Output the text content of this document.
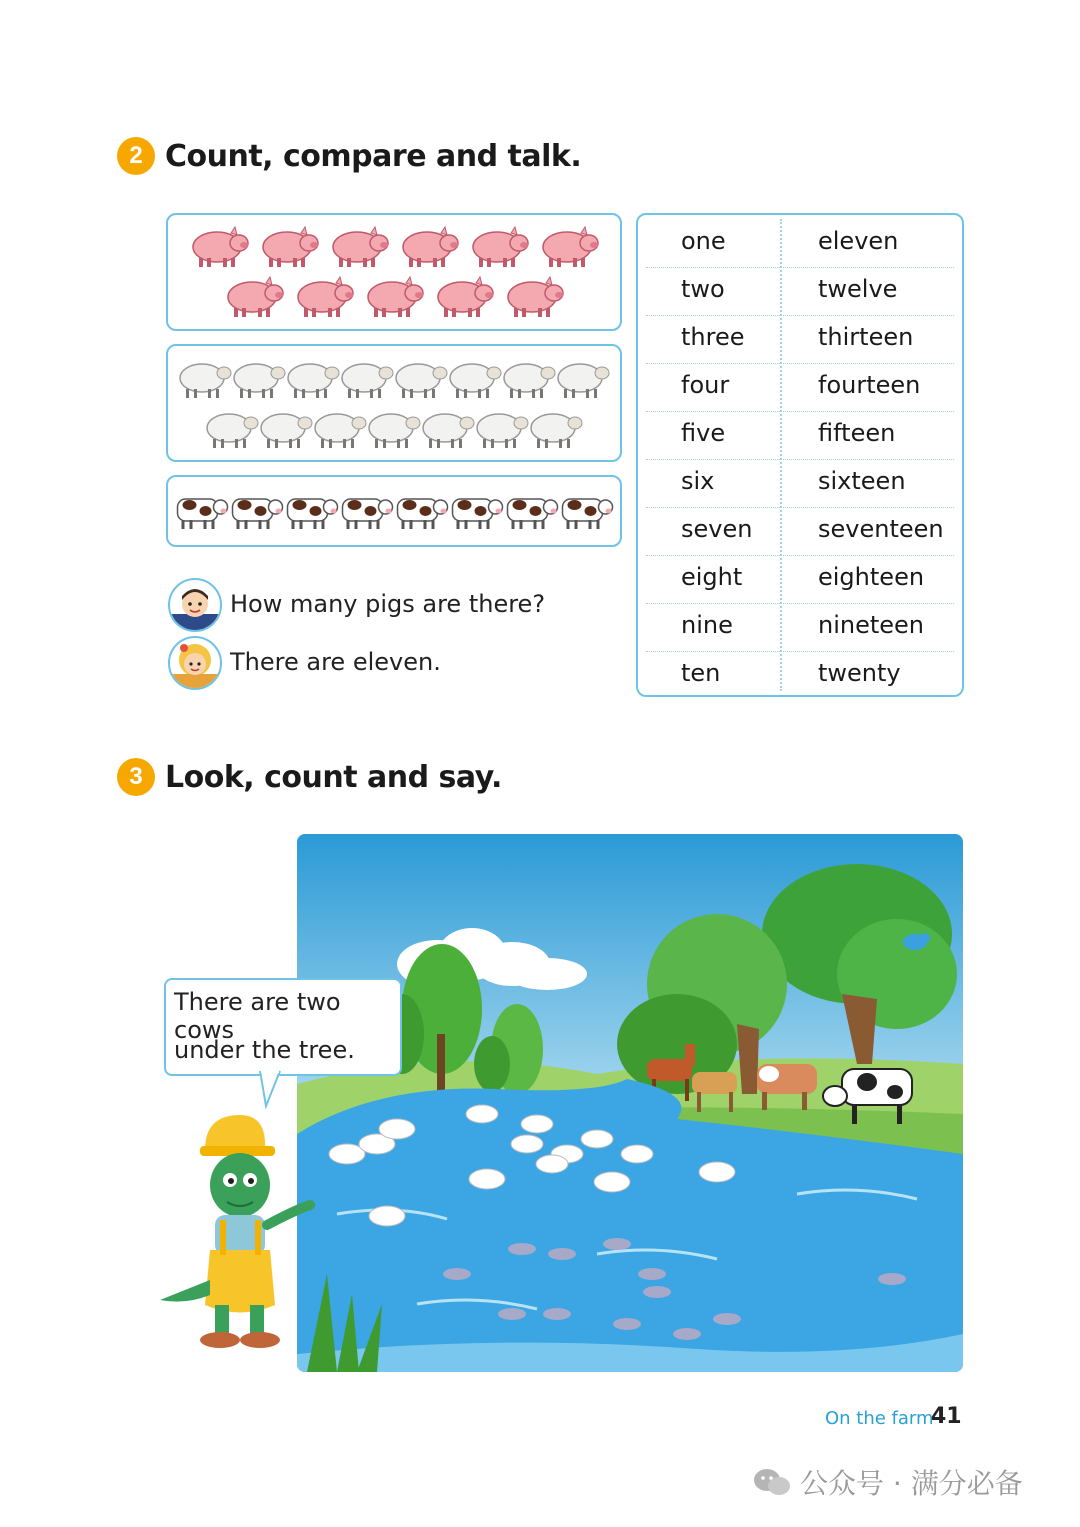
2 Count, compare and talk.
How many pigs are there?
There are eleven.
one	eleven
two	twelve
three	thirteen
four	fourteen
five	fifteen
six	sixteen
seven	seventeen
eight	eighteen
nine	nineteen
ten	twenty
3 Look, count and say.
There are two cows
under the tree.
On the farm
41
公众号 · 满分必备
